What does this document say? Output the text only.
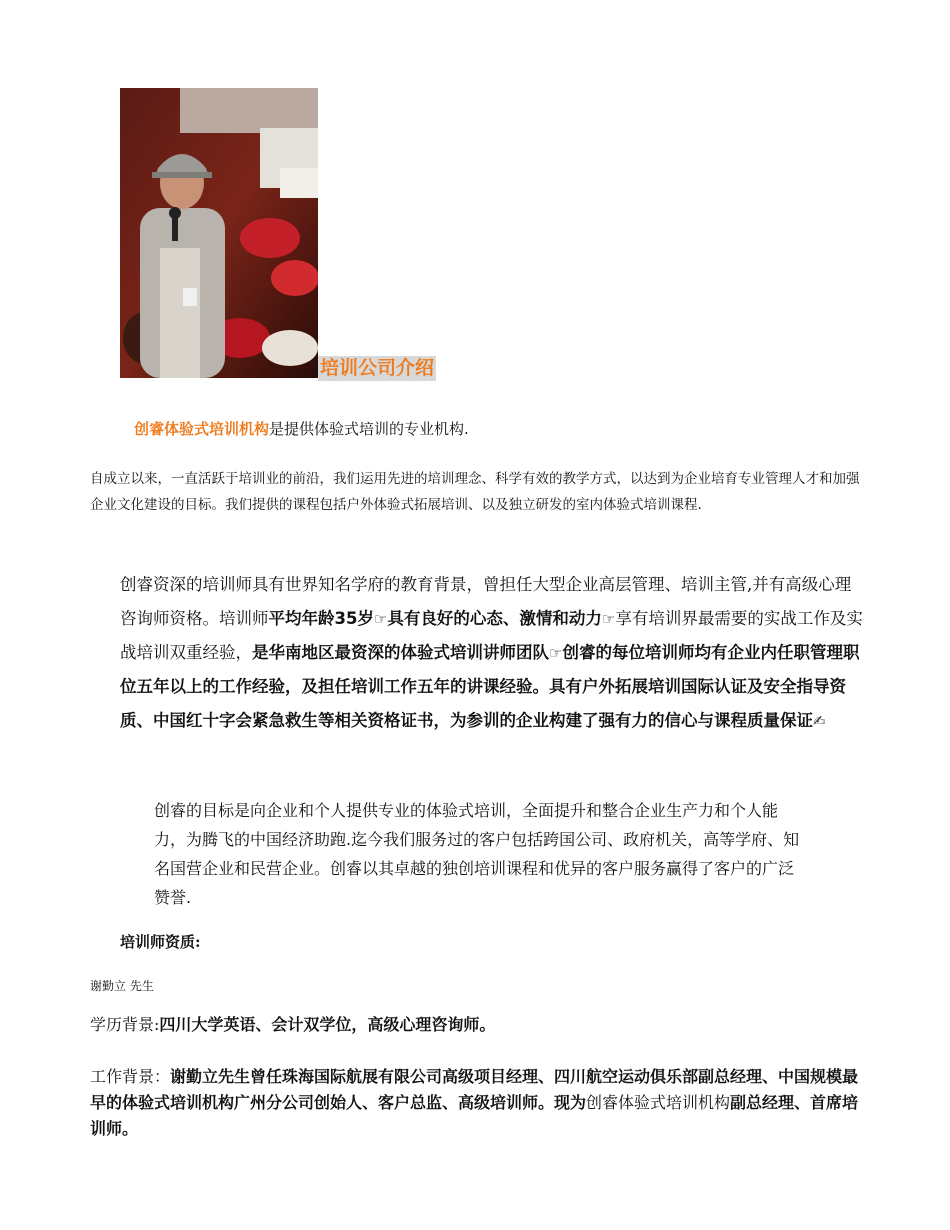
培训公司介绍
创睿体验式培训机构是提供体验式培训的专业机构.
自成立以来，一直活跃于培训业的前沿，我们运用先进的培训理念、科学有效的教学方式，以达到为企业培育专业管理人才和加强企业文化建设的目标。我们提供的课程包括户外体验式拓展培训、以及独立研发的室内体验式培训课程.
创睿资深的培训师具有世界知名学府的教育背景，曾担任大型企业高层管理、培训主管,并有高级心理咨询师资格。培训师平均年龄35岁☞具有良好的心态、激情和动力☞享有培训界最需要的实战工作及实战培训双重经验，是华南地区最资深的体验式培训讲师团队☞创睿的每位培训师均有企业内任职管理职位五年以上的工作经验，及担任培训工作五年的讲课经验。具有户外拓展培训国际认证及安全指导资质、中国红十字会紧急救生等相关资格证书，为参训的企业构建了强有力的信心与课程质量保证✍
创睿的目标是向企业和个人提供专业的体验式培训，全面提升和整合企业生产力和个人能力，为腾飞的中国经济助跑.迄今我们服务过的客户包括跨国公司、政府机关，高等学府、知名国营企业和民营企业。创睿以其卓越的独创培训课程和优异的客户服务赢得了客户的广泛赞誉.
培训师资质:
谢勤立 先生
学历背景:四川大学英语、会计双学位，高级心理咨询师。
工作背景：谢勤立先生曾任珠海国际航展有限公司高级项目经理、四川航空运动俱乐部副总经理、中国规模最早的体验式培训机构广州分公司创始人、客户总监、高级培训师。现为创睿体验式培训机构副总经理、首席培训师。
